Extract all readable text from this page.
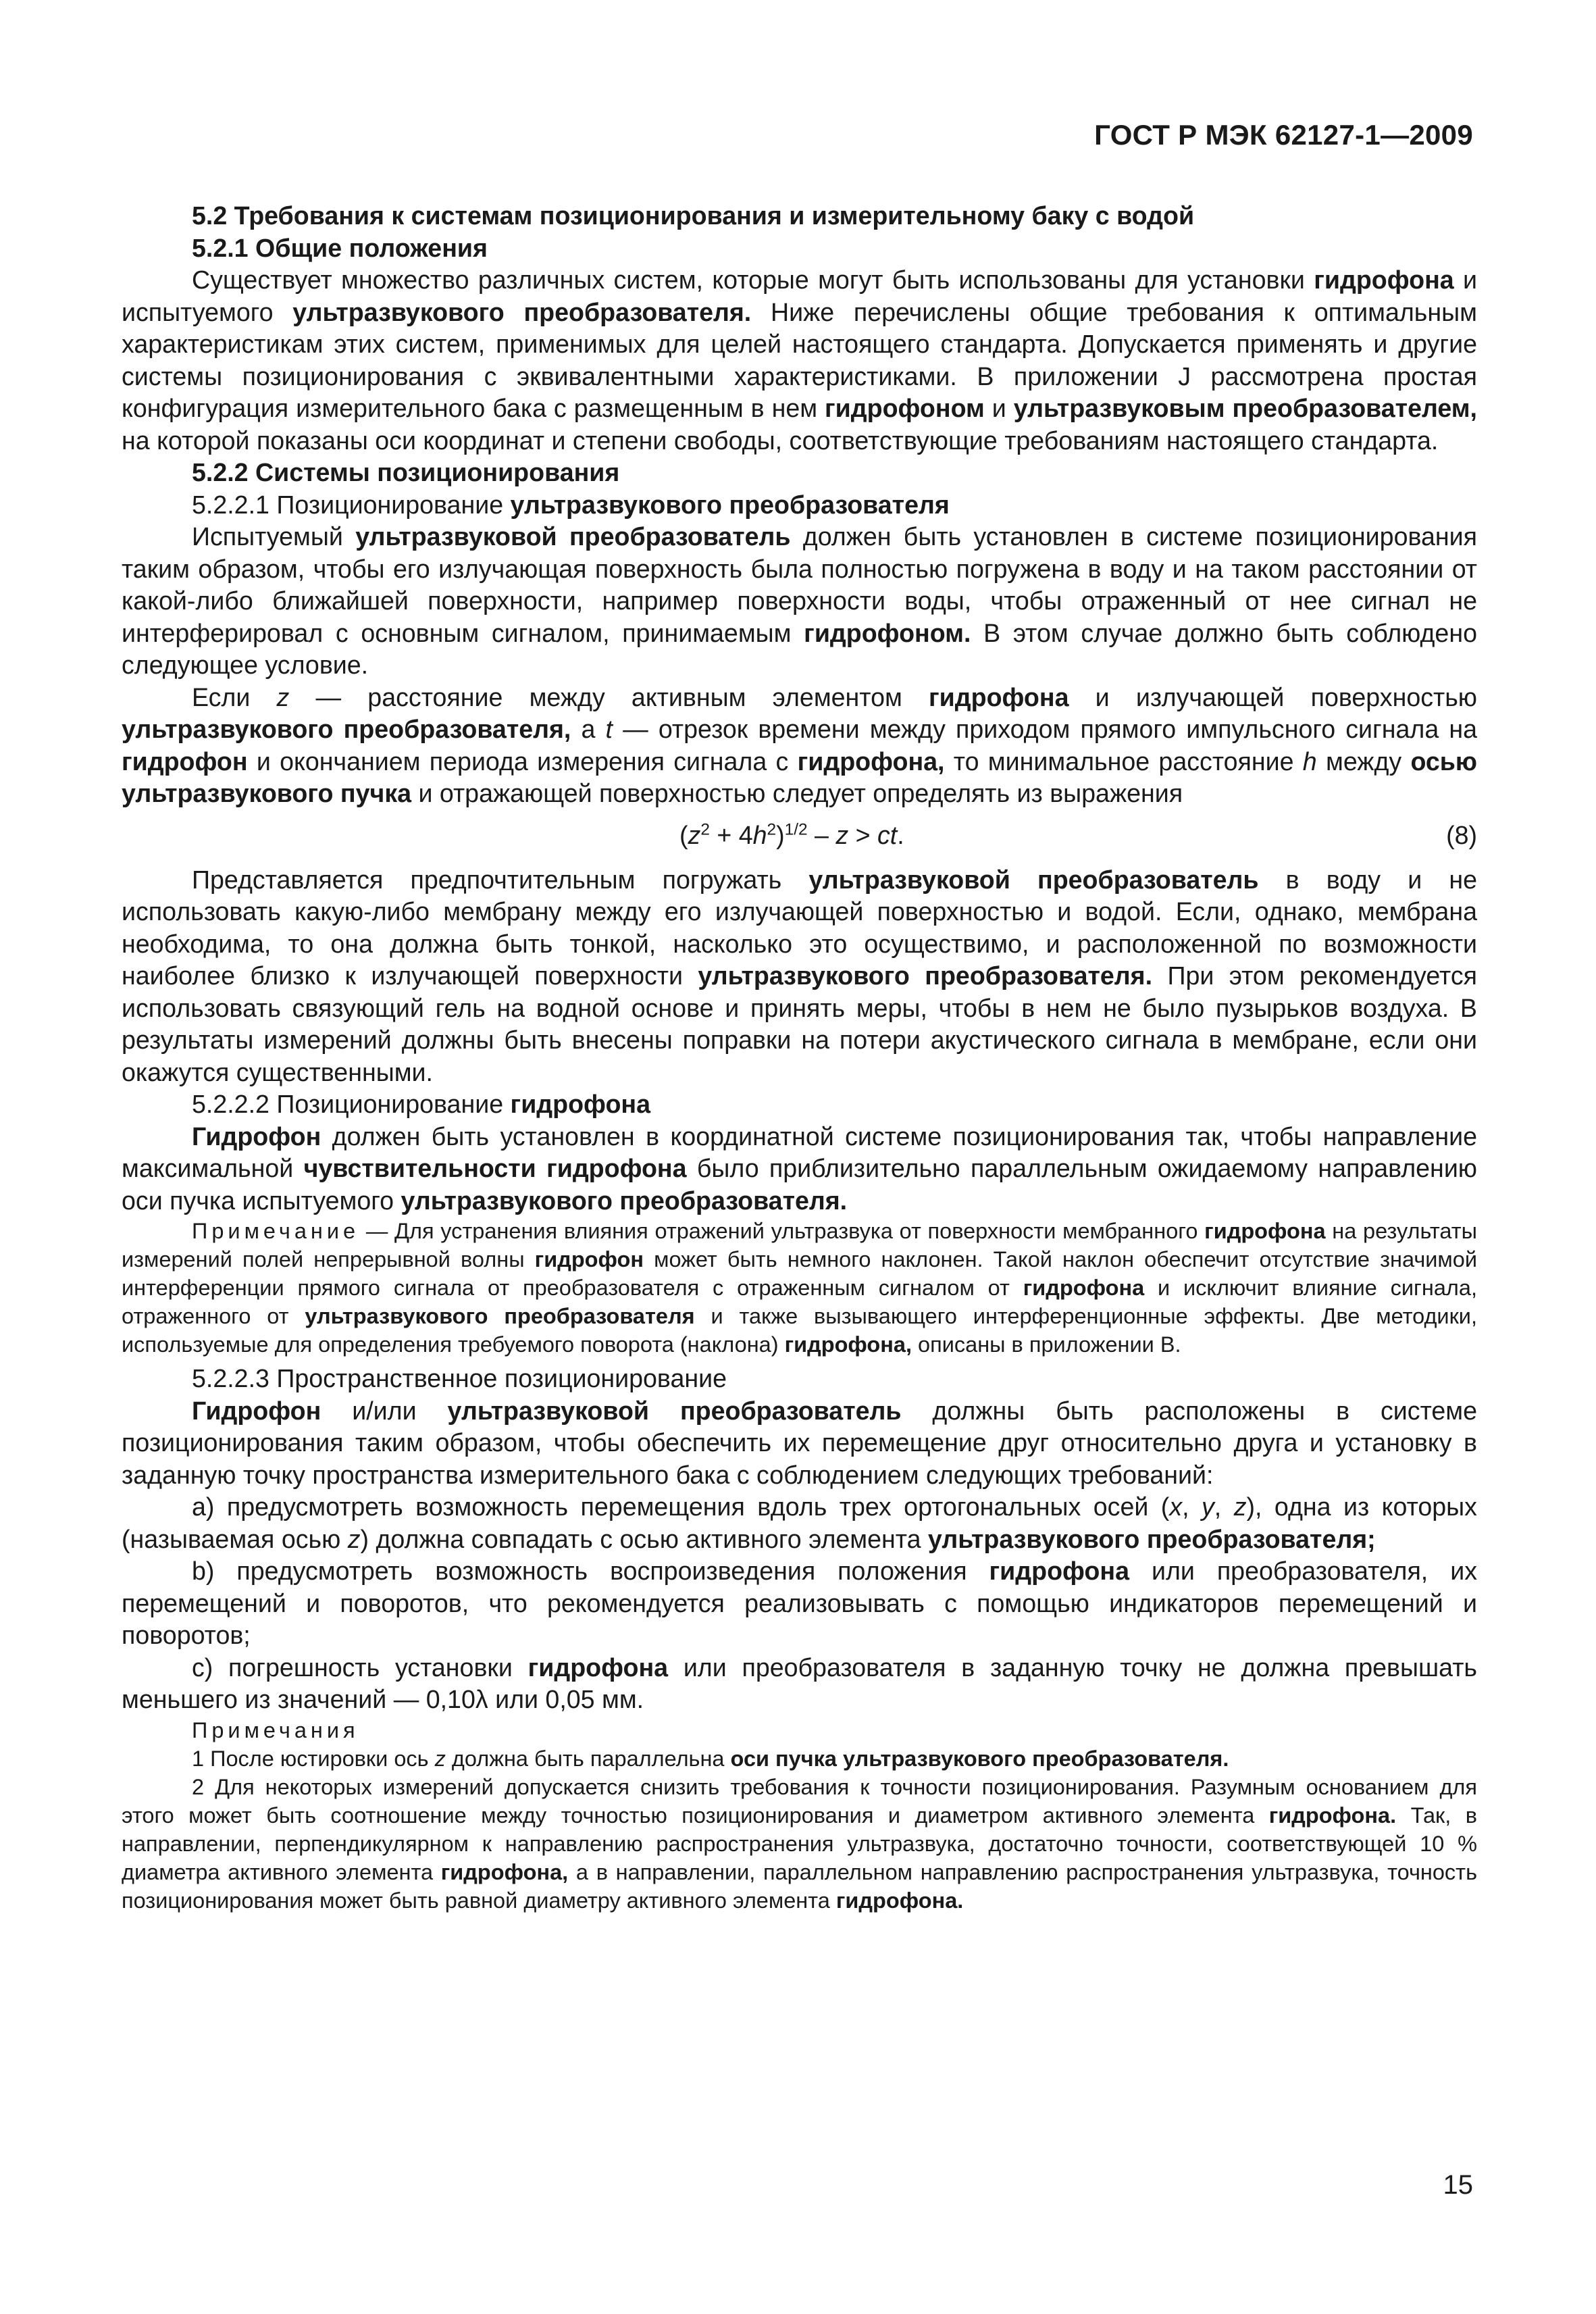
ГОСТ Р МЭК 62127-1—2009

5.2 Требования к системам позиционирования и измерительному баку с водой

5.2.1 Общие положения

Существует множество различных систем, которые могут быть использованы для установки гидрофона и испытуемого ультразвукового преобразователя. Ниже перечислены общие требования к оптимальным характеристикам этих систем, применимых для целей настоящего стандарта. Допускается применять и другие системы позиционирования с эквивалентными характеристиками. В приложении J рассмотрена простая конфигурация измерительного бака с размещенным в нем гидрофоном и ультразвуковым преобразователем, на которой показаны оси координат и степени свободы, соответствующие требованиям настоящего стандарта.

5.2.2 Системы позиционирования

5.2.2.1 Позиционирование ультразвукового преобразователя

Испытуемый ультразвуковой преобразователь должен быть установлен в системе позиционирования таким образом, чтобы его излучающая поверхность была полностью погружена в воду и на таком расстоянии от какой-либо ближайшей поверхности, например поверхности воды, чтобы отраженный от нее сигнал не интерферировал с основным сигналом, принимаемым гидрофоном. В этом случае должно быть соблюдено следующее условие.

Если z — расстояние между активным элементом гидрофона и излучающей поверхностью ультразвукового преобразователя, а t — отрезок времени между приходом прямого импульсного сигнала на гидрофон и окончанием периода измерения сигнала с гидрофона, то минимальное расстояние h между осью ультразвукового пучка и отражающей поверхностью следует определять из выражения

$(z^2 + 4h^2)^{1/2} - z$ > ct.	(8)

Представляется предпочтительным погружать ультразвуковой преобразователь в воду и не использовать какую-либо мембрану между его излучающей поверхностью и водой. Если, однако, мембрана необходима, то она должна быть тонкой, насколько это осуществимо, и расположенной по возможности наиболее близко к излучающей поверхности ультразвукового преобразователя. При этом рекомендуется использовать связующий гель на водной основе и принять меры, чтобы в нем не было пузырьков воздуха. В результаты измерений должны быть внесены поправки на потери акустического сигнала в мембране, если они окажутся существенными.

5.2.2.2 Позиционирование гидрофона

Гидрофон должен быть установлен в координатной системе позиционирования так, чтобы направление максимальной чувствительности гидрофона было приблизительно параллельным ожидаемому направлению оси пучка испытуемого ультразвукового преобразователя.

Примечание — Для устранения влияния отражений ультразвука от поверхности мембранного гидрофона на результаты измерений полей непрерывной волны гидрофон может быть немного наклонен. Такой наклон обеспечит отсутствие значимой интерференции прямого сигнала от преобразователя с отраженным сигналом от гидрофона и исключит влияние сигнала, отраженного от ультразвукового преобразователя и также вызывающего интерференционные эффекты. Две методики, используемые для определения требуемого поворота (наклона) гидрофона, описаны в приложении В.

5.2.2.3 Пространственное позиционирование

Гидрофон и/или ультразвуковой преобразователь должны быть расположены в системе позиционирования таким образом, чтобы обеспечить их перемещение друг относительно друга и установку в заданную точку пространства измерительного бака с соблюдением следующих требований:

a) предусмотреть возможность перемещения вдоль трех ортогональных осей (x, y, z), одна из которых (называемая осью z) должна совпадать с осью активного элемента ультразвукового преобразователя;

b) предусмотреть возможность воспроизведения положения гидрофона или преобразователя, их перемещений и поворотов, что рекомендуется реализовывать с помощью индикаторов перемещений и поворотов;

c) погрешность установки гидрофона или преобразователя в заданную точку не должна превышать меньшего из значений — 0,10λ или 0,05 мм.

Примечания

1 После юстировки ось z должна быть параллельна оси пучка ультразвукового преобразователя.

2 Для некоторых измерений допускается снизить требования к точности позиционирования. Разумным основанием для этого может быть соотношение между точностью позиционирования и диаметром активного элемента гидрофона. Так, в направлении, перпендикулярном к направлению распространения ультразвука, достаточно точности, соответствующей 10 % диаметра активного элемента гидрофона, а в направлении, параллельном направлению распространения ультразвука, точность позиционирования может быть равной диаметру активного элемента гидрофона.

15
